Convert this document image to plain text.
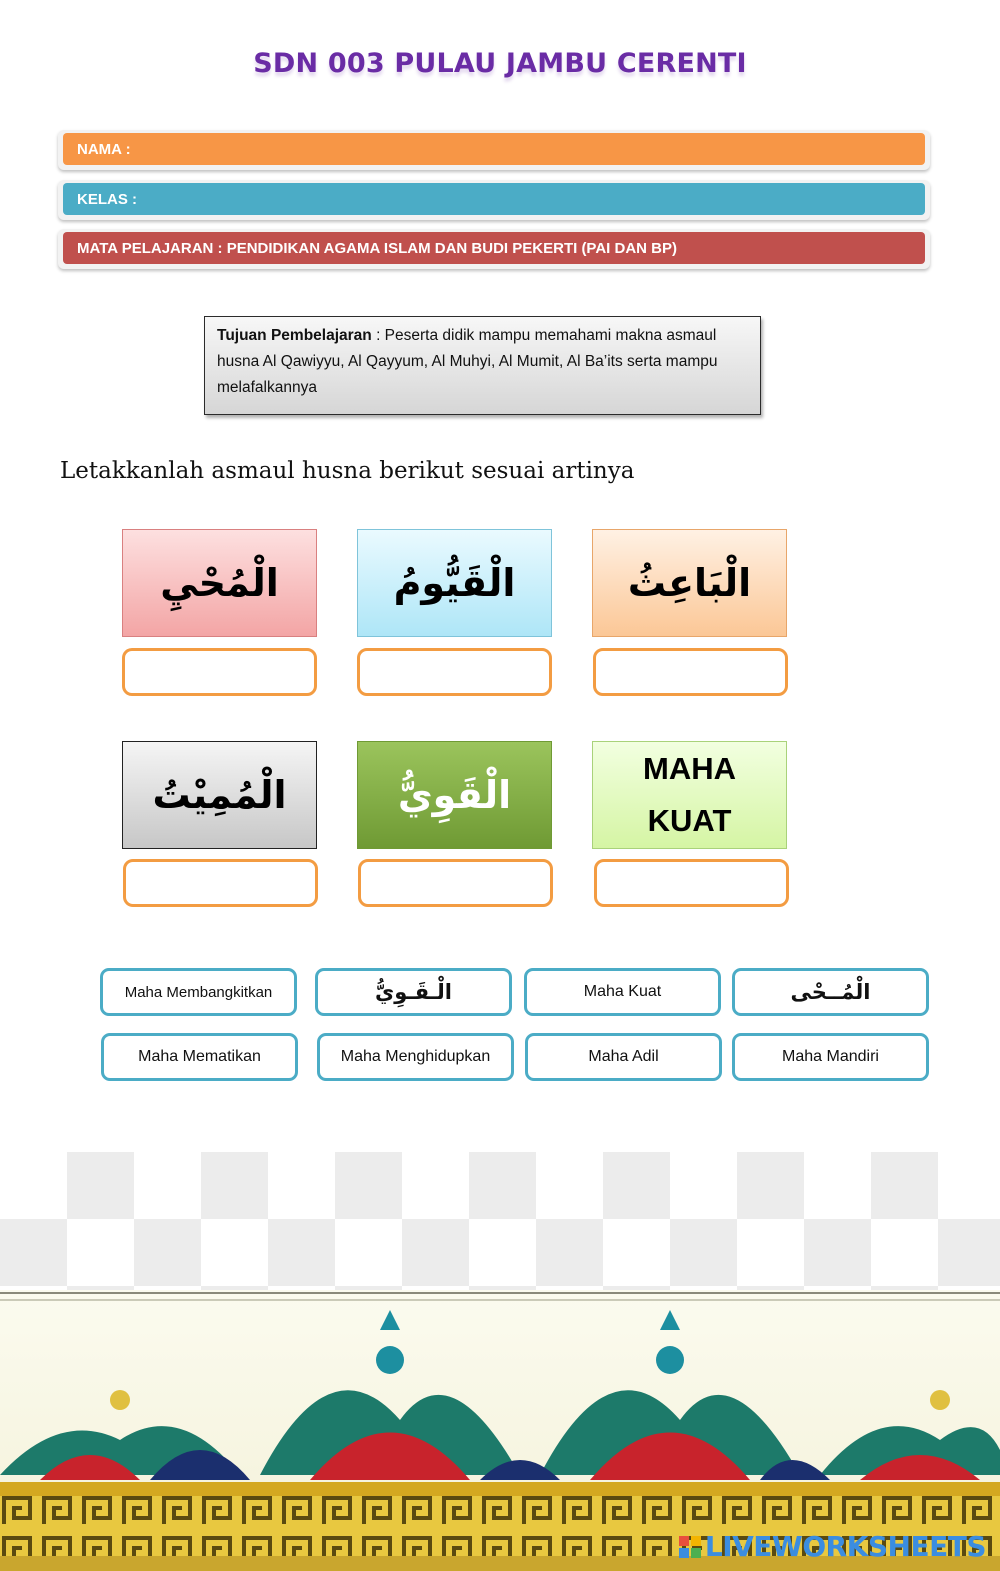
SDN 003 PULAU JAMBU CERENTI
NAMA :
KELAS :
MATA PELAJARAN : PENDIDIKAN AGAMA ISLAM DAN BUDI PEKERTI (PAI DAN BP)
Tujuan Pembelajaran : Peserta didik mampu memahami makna asmaul husna Al Qawiyyu, Al Qayyum, Al Muhyi, Al Mumit, Al Ba’its serta mampu melafalkannya
Letakkanlah asmaul husna berikut sesuai artinya
الْمُحْيِ	الْقَيُّومُ	الْبَاعِثُ
الْمُمِيْتُ	الْقَوِيُّ
MAHA
KUAT
Maha Membangkitkan	الْـقَـوِيُّ	Maha Kuat	الْمُــحْى
Maha Mematikan	Maha Menghidupkan	Maha Adil	Maha Mandiri
LIVEWORKSHEETS
